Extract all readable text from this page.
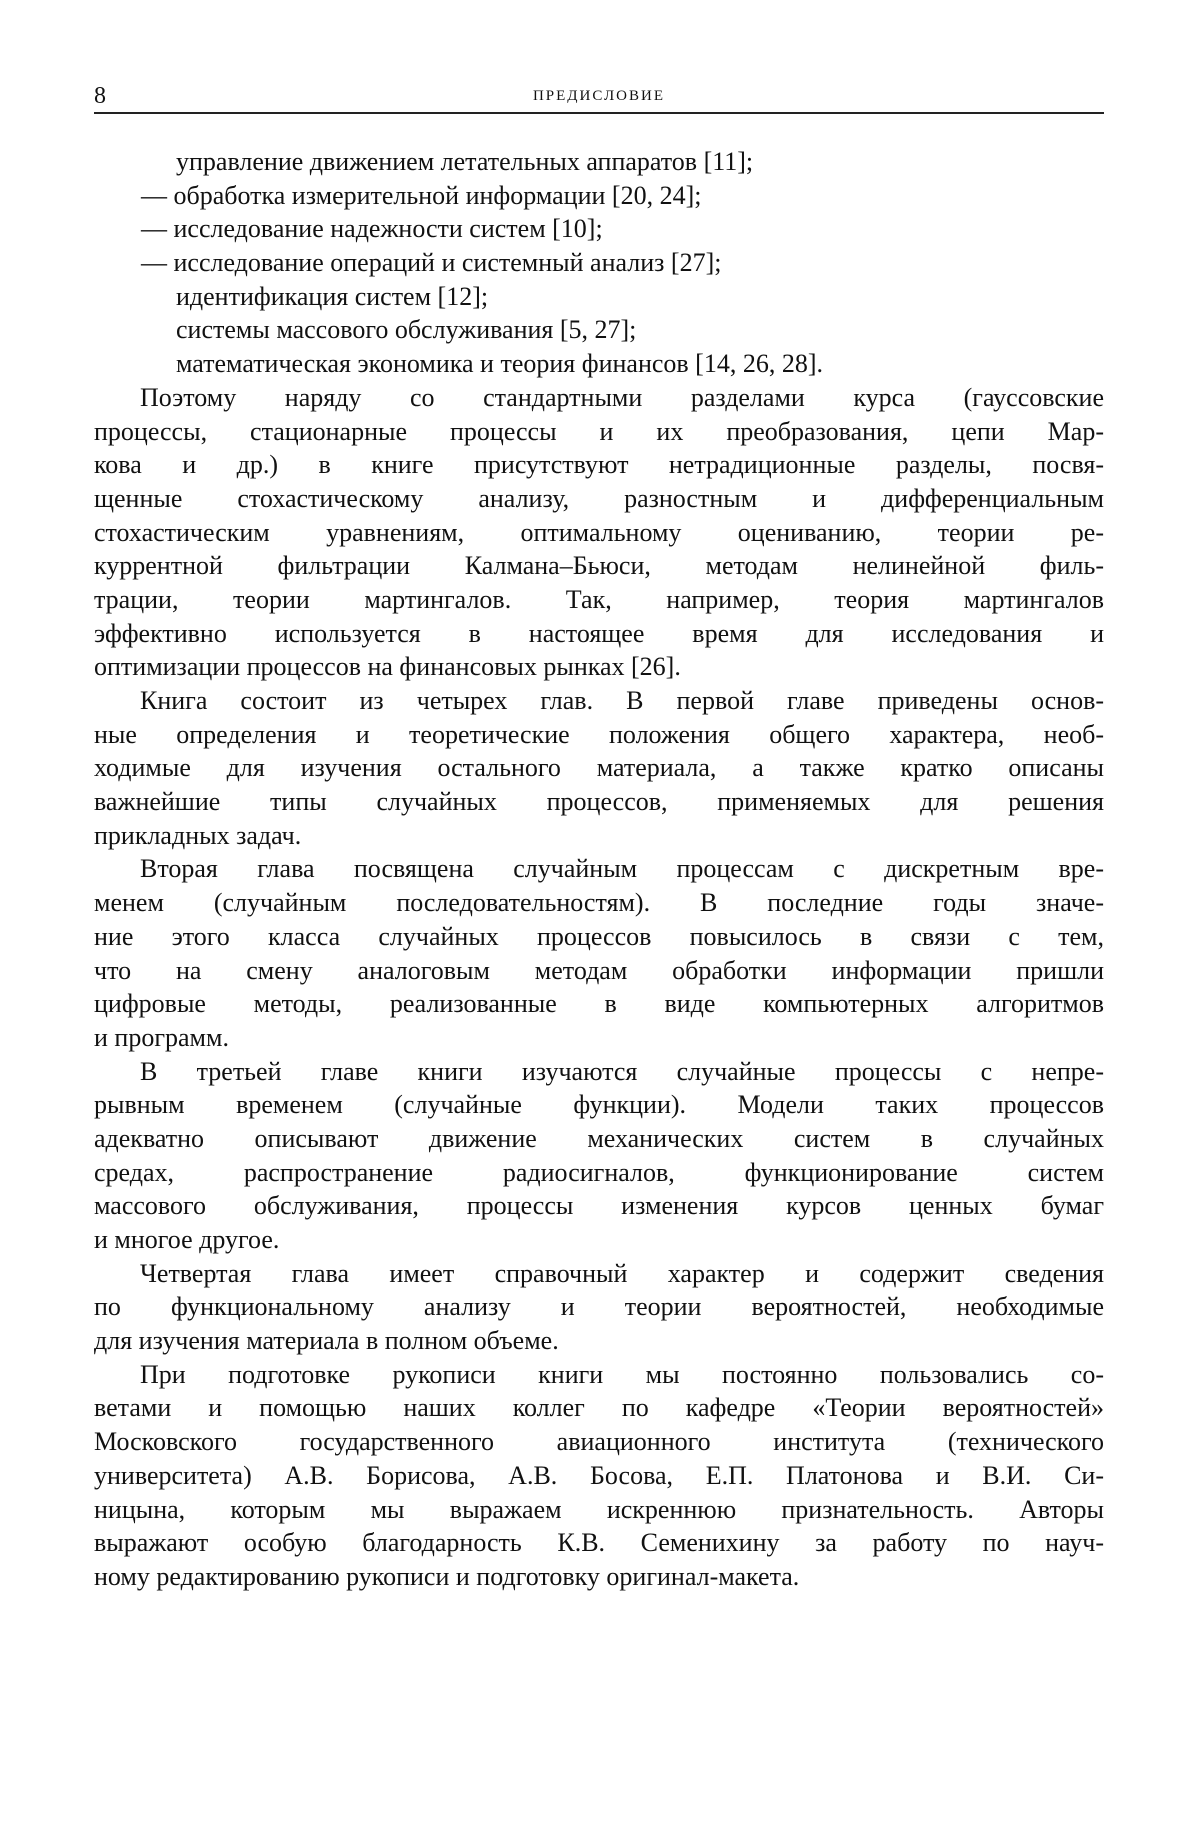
8	ПРЕДИСЛОВИЕ
управление движением летательных аппаратов [11];
— обработка измерительной информации [20, 24];
— исследование надежности систем [10];
— исследование операций и системный анализ [27];
идентификация систем [12];
системы массового обслуживания [5, 27];
математическая экономика и теория финансов [14, 26, 28].
Поэтому наряду со стандартными разделами курса (гауссовские
процессы, стационарные процессы и их преобразования, цепи Мар-
кова и др.) в книге присутствуют нетрадиционные разделы, посвя-
щенные стохастическому анализу, разностным и дифференциальным
стохастическим уравнениям, оптимальному оцениванию, теории ре-
куррентной фильтрации Калмана–Бьюси, методам нелинейной филь-
трации, теории мартингалов. Так, например, теория мартингалов
эффективно используется в настоящее время для исследования и
оптимизации процессов на финансовых рынках [26].
Книга состоит из четырех глав. В первой главе приведены основ-
ные определения и теоретические положения общего характера, необ-
ходимые для изучения остального материала, а также кратко описаны
важнейшие типы случайных процессов, применяемых для решения
прикладных задач.
Вторая глава посвящена случайным процессам с дискретным вре-
менем (случайным последовательностям). В последние годы значе-
ние этого класса случайных процессов повысилось в связи с тем,
что на смену аналоговым методам обработки информации пришли
цифровые методы, реализованные в виде компьютерных алгоритмов
и программ.
В третьей главе книги изучаются случайные процессы с непре-
рывным временем (случайные функции). Модели таких процессов
адекватно описывают движение механических систем в случайных
средах, распространение радиосигналов, функционирование систем
массового обслуживания, процессы изменения курсов ценных бумаг
и многое другое.
Четвертая глава имеет справочный характер и содержит сведения
по функциональному анализу и теории вероятностей, необходимые
для изучения материала в полном объеме.
При подготовке рукописи книги мы постоянно пользовались со-
ветами и помощью наших коллег по кафедре «Теории вероятностей»
Московского государственного авиационного института (технического
университета) А.В. Борисова, А.В. Босова, Е.П. Платонова и В.И. Си-
ницына, которым мы выражаем искреннюю признательность. Авторы
выражают особую благодарность К.В. Семенихину за работу по науч-
ному редактированию рукописи и подготовку оригинал-макета.
